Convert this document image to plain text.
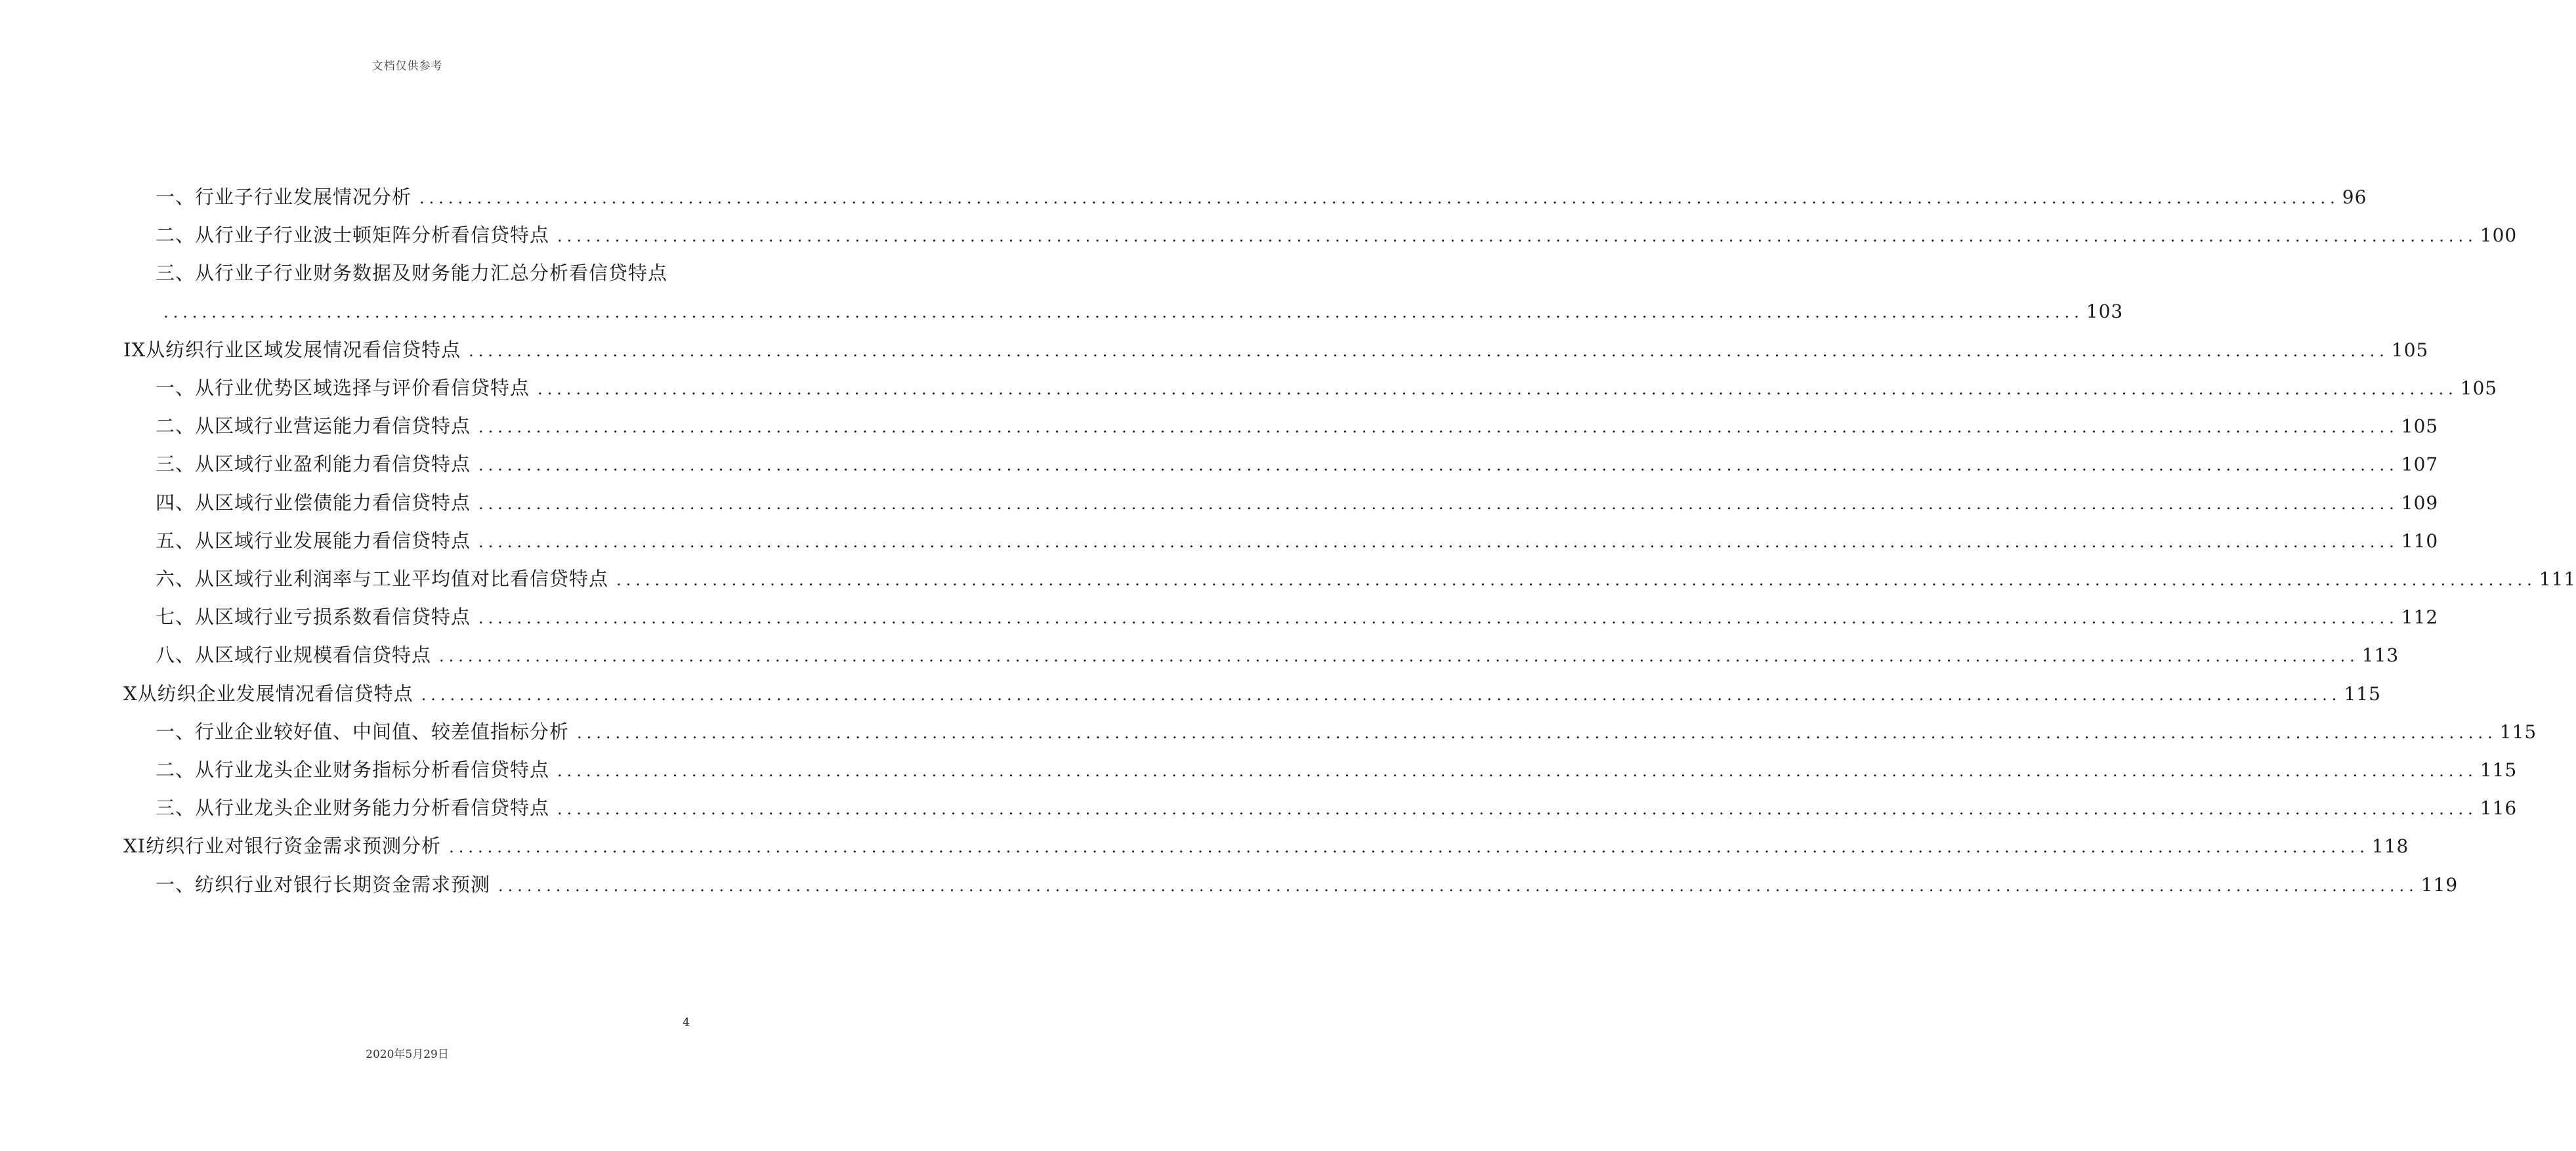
文档仅供参考
一、行业子行业发展情况分析 ........................................................................................................................................................................................................ 96
二、从行业子行业波士顿矩阵分析看信贷特点 ........................................................................................................................................................................................................ 100
三、从行业子行业财务数据及财务能力汇总分析看信贷特点
........................................................................................................................................................................................................ 103
IX从纺织行业区域发展情况看信贷特点 ........................................................................................................................................................................................................ 105
一、从行业优势区域选择与评价看信贷特点 ........................................................................................................................................................................................................ 105
二、从区域行业营运能力看信贷特点 ........................................................................................................................................................................................................ 105
三、从区域行业盈利能力看信贷特点 ........................................................................................................................................................................................................ 107
四、从区域行业偿债能力看信贷特点 ........................................................................................................................................................................................................ 109
五、从区域行业发展能力看信贷特点 ........................................................................................................................................................................................................ 110
六、从区域行业利润率与工业平均值对比看信贷特点 ........................................................................................................................................................................................................ 111
七、从区域行业亏损系数看信贷特点 ........................................................................................................................................................................................................ 112
八、从区域行业规模看信贷特点 ........................................................................................................................................................................................................ 113
X从纺织企业发展情况看信贷特点 ........................................................................................................................................................................................................ 115
一、行业企业较好值、中间值、较差值指标分析 ........................................................................................................................................................................................................ 115
二、从行业龙头企业财务指标分析看信贷特点 ........................................................................................................................................................................................................ 115
三、从行业龙头企业财务能力分析看信贷特点 ........................................................................................................................................................................................................ 116
XI纺织行业对银行资金需求预测分析 ........................................................................................................................................................................................................ 118
一、纺织行业对银行长期资金需求预测 ........................................................................................................................................................................................................ 119
4
2020年5月29日
